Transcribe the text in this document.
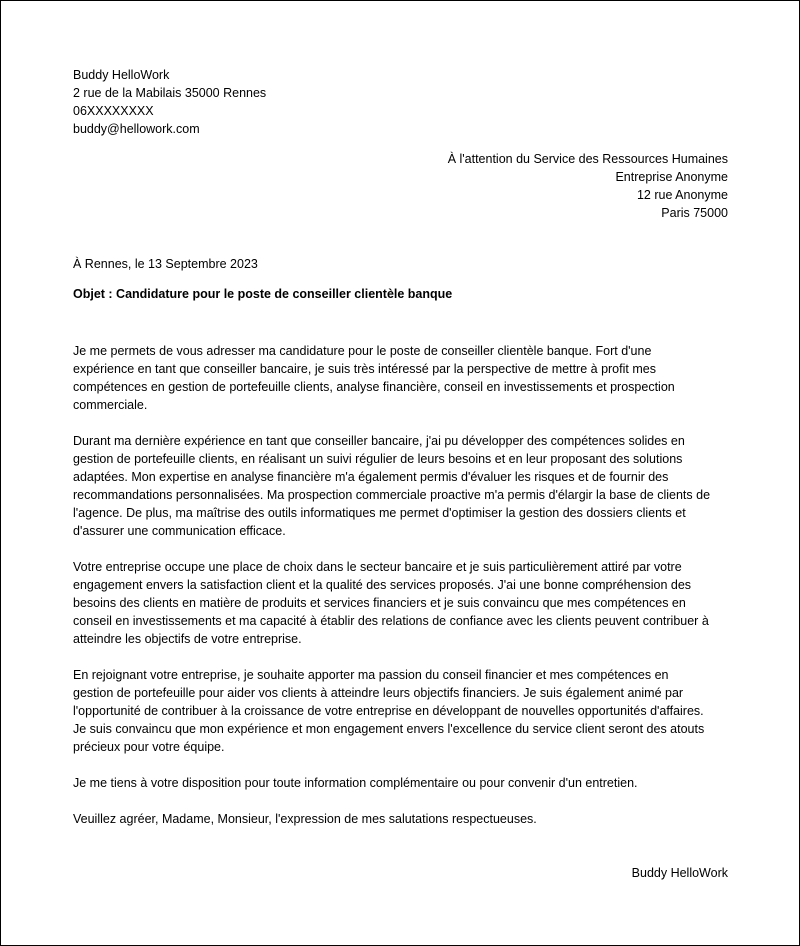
Buddy HelloWork
2 rue de la Mabilais 35000 Rennes
06XXXXXXXX
buddy@hellowork.com
À l'attention du Service des Ressources Humaines
Entreprise Anonyme
12 rue Anonyme
Paris 75000
À Rennes, le 13 Septembre 2023
Objet : Candidature pour le poste de conseiller clientèle banque

Je me permets de vous adresser ma candidature pour le poste de conseiller clientèle banque. Fort d'une
expérience en tant que conseiller bancaire, je suis très intéressé par la perspective de mettre à profit mes
compétences en gestion de portefeuille clients, analyse financière, conseil en investissements et prospection
commerciale.

Durant ma dernière expérience en tant que conseiller bancaire, j'ai pu développer des compétences solides en
gestion de portefeuille clients, en réalisant un suivi régulier de leurs besoins et en leur proposant des solutions
adaptées. Mon expertise en analyse financière m'a également permis d'évaluer les risques et de fournir des
recommandations personnalisées. Ma prospection commerciale proactive m'a permis d'élargir la base de clients de
l'agence. De plus, ma maîtrise des outils informatiques me permet d'optimiser la gestion des dossiers clients et
d'assurer une communication efficace.

Votre entreprise occupe une place de choix dans le secteur bancaire et je suis particulièrement attiré par votre
engagement envers la satisfaction client et la qualité des services proposés. J'ai une bonne compréhension des
besoins des clients en matière de produits et services financiers et je suis convaincu que mes compétences en
conseil en investissements et ma capacité à établir des relations de confiance avec les clients peuvent contribuer à
atteindre les objectifs de votre entreprise.

En rejoignant votre entreprise, je souhaite apporter ma passion du conseil financier et mes compétences en
gestion de portefeuille pour aider vos clients à atteindre leurs objectifs financiers. Je suis également animé par
l'opportunité de contribuer à la croissance de votre entreprise en développant de nouvelles opportunités d'affaires.
Je suis convaincu que mon expérience et mon engagement envers l'excellence du service client seront des atouts
précieux pour votre équipe.

Je me tiens à votre disposition pour toute information complémentaire ou pour convenir d'un entretien.

Veuillez agréer, Madame, Monsieur, l'expression de mes salutations respectueuses.

Buddy HelloWork
